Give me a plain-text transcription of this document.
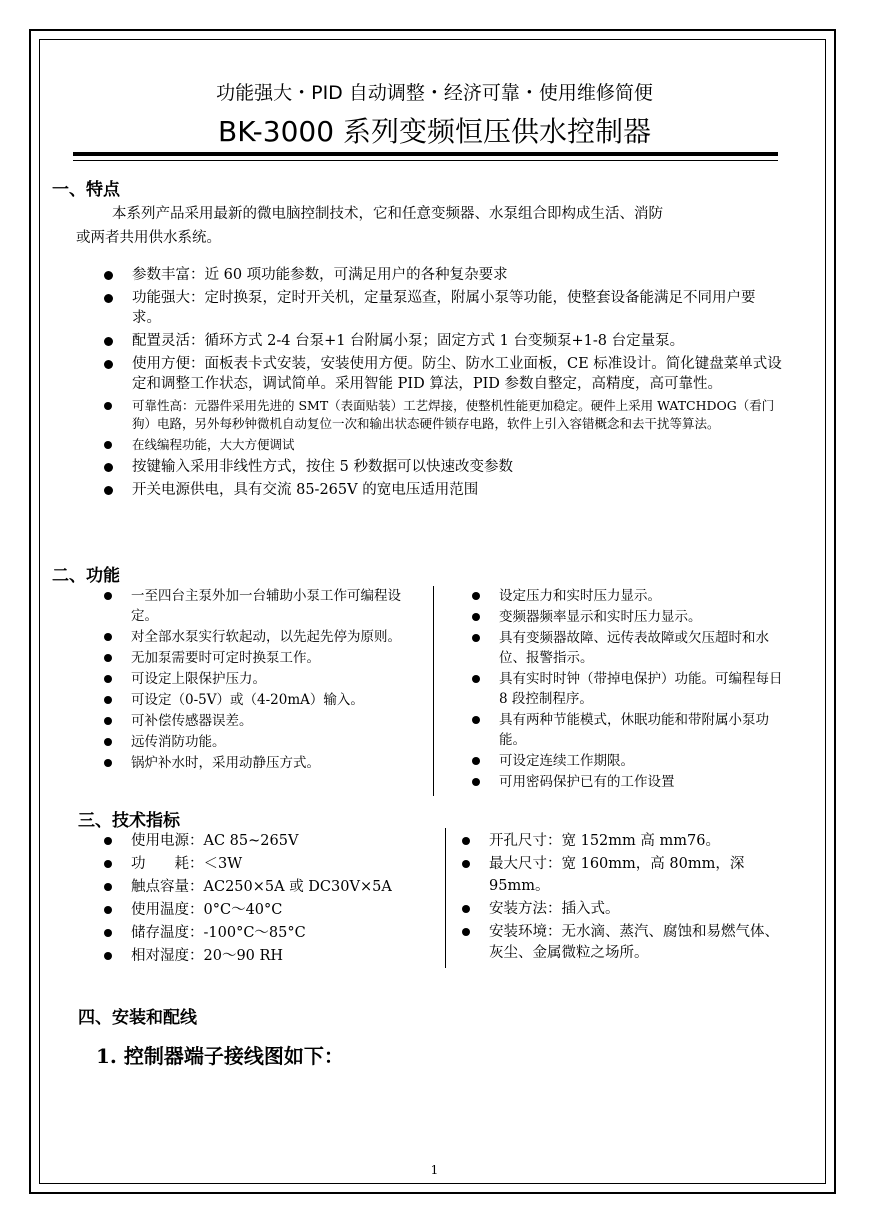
功能强大・PID 自动调整・经济可靠・使用维修简便
BK-3000 系列变频恒压供水控制器
一、特点
本系列产品采用最新的微电脑控制技术，它和任意变频器、水泵组合即构成生活、消防
或两者共用供水系统。
参数丰富：近 60 项功能参数，可满足用户的各种复杂要求
功能强大：定时换泵，定时开关机，定量泵巡查，附属小泵等功能，使整套设备能满足不同用户要求。
配置灵活：循环方式 2-4 台泵+1 台附属小泵；固定方式 1 台变频泵+1-8 台定量泵。
使用方便：面板表卡式安装，安装使用方便。防尘、防水工业面板，CE 标准设计。简化键盘菜单式设定和调整工作状态，调试简单。采用智能 PID 算法，PID 参数自整定，高精度，高可靠性。
可靠性高：元器件采用先进的 SMT（表面贴装）工艺焊接，使整机性能更加稳定。硬件上采用 WATCHDOG（看门狗）电路，另外每秒钟微机自动复位一次和输出状态硬件锁存电路，软件上引入容错概念和去干扰等算法。
在线编程功能，大大方便调试
按键输入采用非线性方式，按住 5 秒数据可以快速改变参数
开关电源供电，具有交流 85-265V 的宽电压适用范围
二、功能
一至四台主泵外加一台辅助小泵工作可编程设定。
对全部水泵实行软起动，以先起先停为原则。
无加泵需要时可定时换泵工作。
可设定上限保护压力。
可设定（0-5V）或（4-20mA）输入。
可补偿传感器误差。
远传消防功能。
锅炉补水时，采用动静压方式。
设定压力和实时压力显示。
变频器频率显示和实时压力显示。
具有变频器故障、远传表故障或欠压超时和水位、报警指示。
具有实时时钟（带掉电保护）功能。可编程每日 8 段控制程序。
具有两种节能模式，休眠功能和带附属小泵功能。
可设定连续工作期限。
可用密码保护已有的工作设置
三、技术指标
使用电源：AC 85~265V
功　　耗：＜3W
触点容量：AC250×5A 或 DC30V×5A
使用温度：0°C～40°C
储存温度：-100°C～85°C
相对湿度：20～90 RH
开孔尺寸：宽 152mm 高 mm76。
最大尺寸：宽 160mm，高 80mm，深 95mm。
安装方法：插入式。
安装环境：无水滴、蒸汽、腐蚀和易燃气体、灰尘、金属微粒之场所。
四、安装和配线
1. 控制器端子接线图如下：
1
